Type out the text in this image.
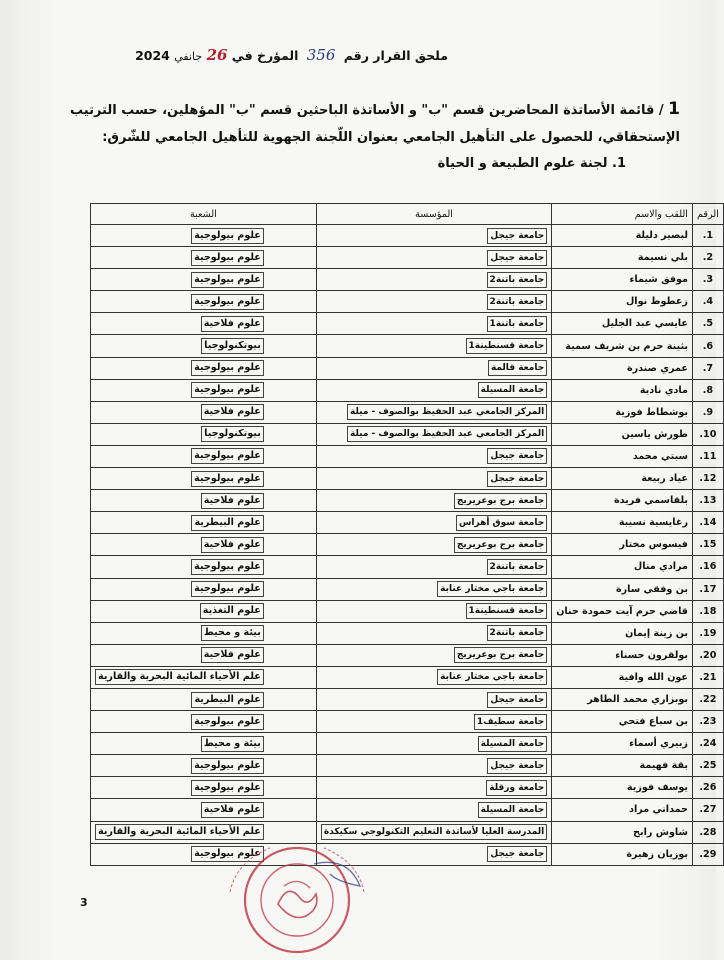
ملحق القرار رقم 356 المؤرخ في 26 جانفي 2024
1 / قائمة الأساتذة المحاضرين قسم "ب" و الأساتذة الباحثين قسم "ب" المؤهلين، حسب الترتيب الإستحقاقي، للحصول على التأهيل الجامعي بعنوان اللّجنة الجهوية للتأهيل الجامعي للشّرق:
1. لجنة علوم الطبيعة و الحياة
الرقم	اللقب والاسم	المؤسسة	الشعبة
1.	لبصير دليلة	جامعة جيجل	علوم بيولوجية
2.	بلي نسيمة	جامعة جيجل	علوم بيولوجية
3.	موفق شيماء	جامعة باتنة2	علوم بيولوجية
4.	زعطوط نوال	جامعة باتنة2	علوم بيولوجية
5.	عايسي عبد الجليل	جامعة باتنة1	علوم فلاحية
6.	بثينة حرم بن شريف سمية	جامعة قسنطينة1	بيوتكنولوجيا
7.	عمري صندرة	جامعة قالمة	علوم بيولوجية
8.	مادي نادية	جامعة المسيلة	علوم بيولوجية
9.	بوشطاط فوزية	المركز الجامعي عبد الحفيظ بوالصوف - ميلة	علوم فلاحية
10.	طورش ياسين	المركز الجامعي عبد الحفيظ بوالصوف - ميلة	بيوتكنولوجيا
11.	سبتي محمد	جامعة جيجل	علوم بيولوجية
12.	عياد ربيعة	جامعة جيجل	علوم بيولوجية
13.	بلقاسمي فريدة	جامعة برج بوعريريج	علوم فلاحية
14.	رغايسية نسيبة	جامعة سوق أهراس	علوم البيطرية
15.	فيسوس مختار	جامعة برج بوعريريج	علوم فلاحية
16.	مرادي منال	جامعة باتنة2	علوم بيولوجية
17.	بن وفقي سارة	جامعة باجي مختار عنابة	علوم بيولوجية
18.	قاضي حرم آيت حمودة حنان	جامعة قسنطينة1	علوم التغذية
19.	بن زينة إيمان	جامعة باتنة2	بيئة و محيط
20.	بولقرون حسناء	جامعة برج بوعريريج	علوم فلاحية
21.	عون الله وافية	جامعة باجي مختار عنابة	علم الأحياء المائية البحرية والقارية
22.	بوبزاري محمد الطاهر	جامعة جيجل	علوم البيطرية
23.	بن سباع فتحي	جامعة سطيف1	علوم بيولوجية
24.	زبيري أسماء	جامعة المسيلة	بيئة و محيط
25.	بقة فهيمة	جامعة جيجل	علوم بيولوجية
26.	يوسف فوزية	جامعة ورقلة	علوم بيولوجية
27.	حمداني مراد	جامعة المسيلة	علوم فلاحية
28.	شاوش رابح	المدرسة العليا لأساتذة التعليم التكنولوجي سكيكدة	علم الأحياء المائية البحرية والقارية
29.	بوزيان زهيرة	جامعة جيجل	علوم بيولوجية
3
